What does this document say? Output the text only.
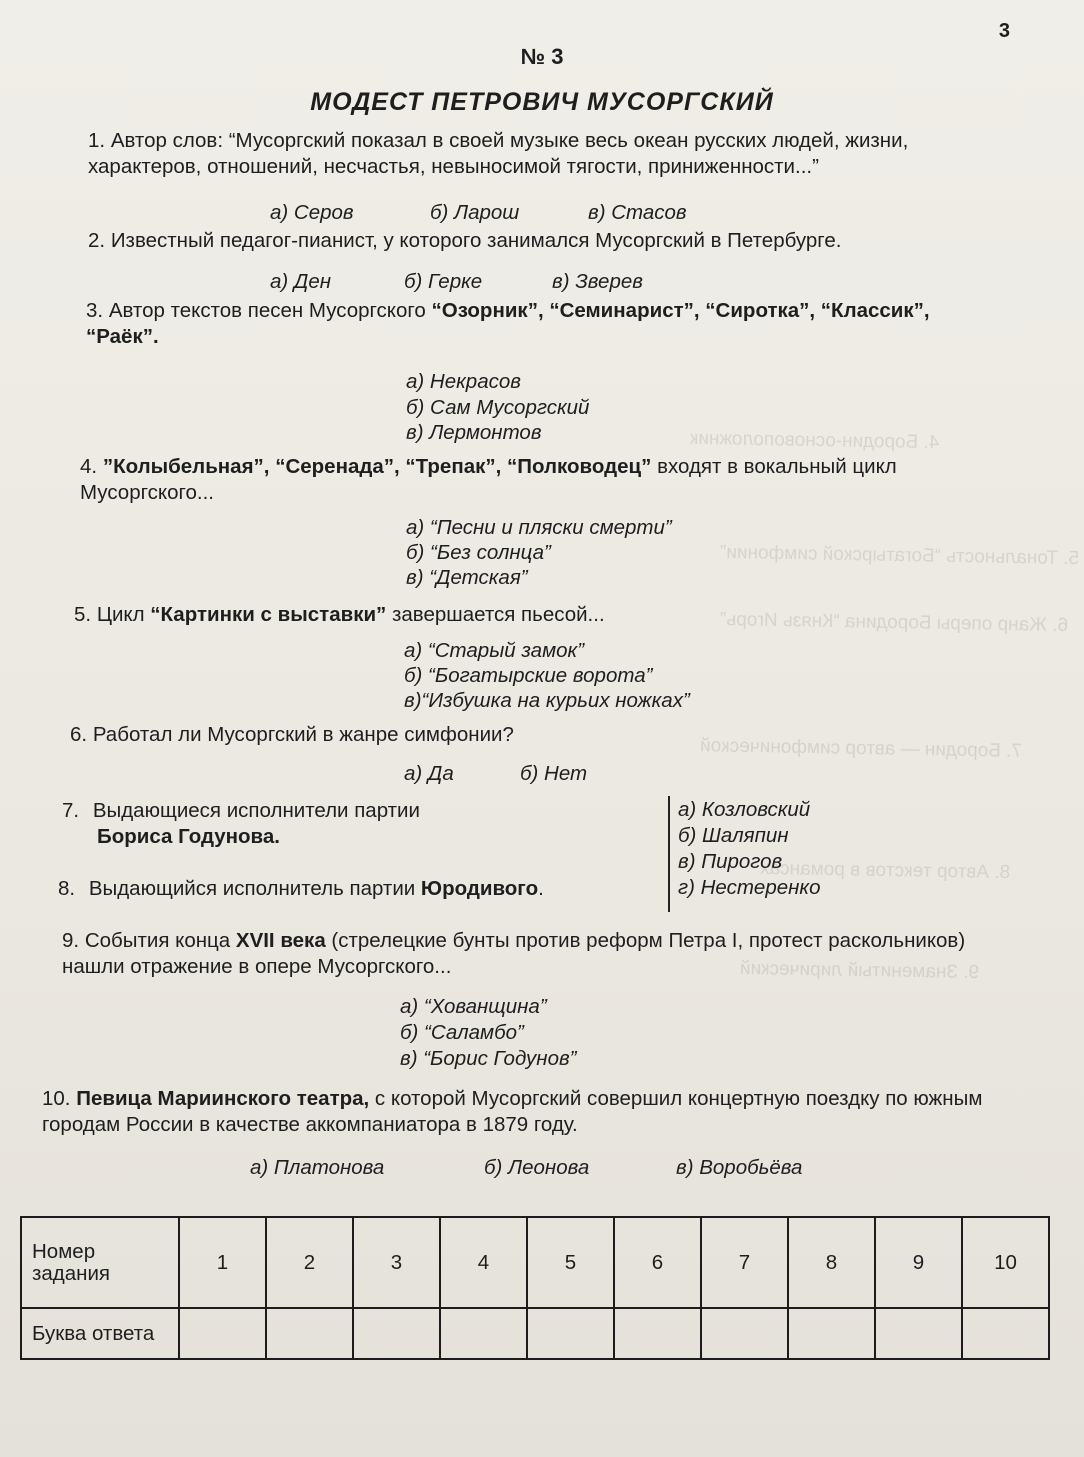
4. Бородин-основоположник
5. Тональность “Богатырской симфонии”
6. Жанр оперы Бородина “Князь Игорь”
7. Бородин — автор симфонической
8. Автор текстов в романсах
9. Знаменитый лирический
3
№ 3
МОДЕСТ ПЕТРОВИЧ МУСОРГСКИЙ
1. Автор слов: “Мусоргский показал в своей музыке весь океан русских людей, жизни, характеров, отношений, несчастья, невыносимой тягости, приниженности...”
а) Серов	б) Ларош	в) Стасов
2. Известный педагог-пианист, у которого занимался Мусоргский в Петербурге.
а) Ден	б) Герке	в) Зверев
3. Автор текстов песен Мусоргского “Озорник”, “Семинарист”, “Сиротка”, “Классик”, “Раёк”.
а) Некрасов
б) Сам Мусоргский
в) Лермонтов
4. ”Колыбельная”, “Серенада”, “Трепак”, “Полководец” входят в вокальный цикл Мусоргского...
а) “Песни и пляски смерти”
б) “Без солнца”
в) “Детская”
5. Цикл “Картинки с выставки” завершается пьесой...
а) “Старый замок”
б) “Богатырские ворота”
в)“Избушка на курьих ножках”
6. Работал ли Мусоргский в жанре симфонии?
а) Да	б) Нет
7. Выдающиеся исполнители партии
Бориса Годунова.
8. Выдающийся исполнитель партии Юродивого.
а) Козловский
б) Шаляпин
в) Пирогов
г) Нестеренко
9. События конца XVII века (стрелецкие бунты против реформ Петра I, протест раскольников) нашли отражение в опере Мусоргского...
а) “Хованщина”
б) “Саламбо”
в) “Борис Годунов”
10. Певица Мариинского театра, с которой Мусоргский совершил концертную поездку по южным городам России в качестве аккомпаниатора в 1879 году.
а) Платонова	б) Леонова	в) Воробьёва
Номер задания	1	2	3	4	5	6	7	8	9	10
Буква ответа										
